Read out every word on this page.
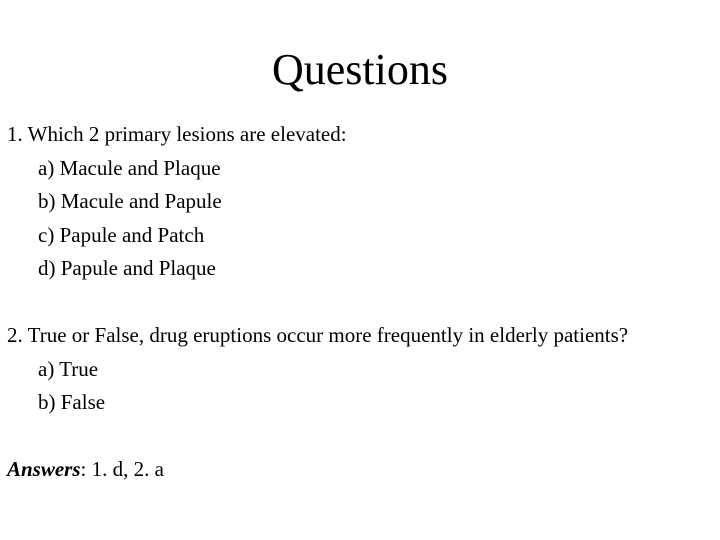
Questions
1. Which 2 primary lesions are elevated:
a) Macule and Plaque
b) Macule and Papule
c) Papule and Patch
d) Papule and Plaque
2. True or False, drug eruptions occur more frequently in elderly patients?
a) True
b) False
Answers: 1. d, 2. a
